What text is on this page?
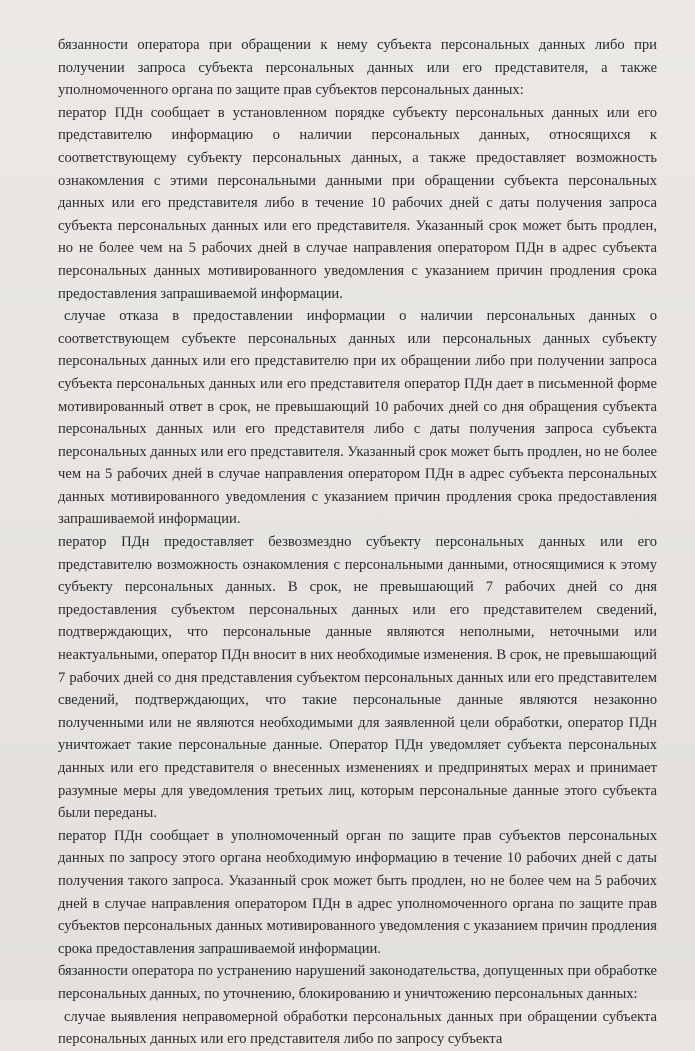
бязанности оператора при обращении к нему субъекта персональных данных либо при получении запроса субъекта персональных данных или его представителя, а также уполномоченного органа по защите прав субъектов персональных данных:

ператор ПДн сообщает в установленном порядке субъекту персональных данных или его представителю информацию о наличии персональных данных, относящихся к соответствующему субъекту персональных данных, а также предоставляет возможность ознакомления с этими персональными данными при обращении субъекта персональных данных или его представителя либо в течение 10 рабочих дней с даты получения запроса субъекта персональных данных или его представителя. Указанный срок может быть продлен, но не более чем на 5 рабочих дней в случае направления оператором ПДн в адрес субъекта персональных данных мотивированного уведомления с указанием причин продления срока предоставления запрашиваемой информации.

случае отказа в предоставлении информации о наличии персональных данных о соответствующем субъекте персональных данных или персональных данных субъекту персональных данных или его представителю при их обращении либо при получении запроса субъекта персональных данных или его представителя оператор ПДн дает в письменной форме мотивированный ответ в срок, не превышающий 10 рабочих дней со дня обращения субъекта персональных данных или его представителя либо с даты получения запроса субъекта персональных данных или его представителя. Указанный срок может быть продлен, но не более чем на 5 рабочих дней в случае направления оператором ПДн в адрес субъекта персональных данных мотивированного уведомления с указанием причин продления срока предоставления запрашиваемой информации.

ператор ПДн предоставляет безвозмездно субъекту персональных данных или его представителю возможность ознакомления с персональными данными, относящимися к этому субъекту персональных данных. В срок, не превышающий 7 рабочих дней со дня предоставления субъектом персональных данных или его представителем сведений, подтверждающих, что персональные данные являются неполными, неточными или неактуальными, оператор ПДн вносит в них необходимые изменения. В срок, не превышающий 7 рабочих дней со дня представления субъектом персональных данных или его представителем сведений, подтверждающих, что такие персональные данные являются незаконно полученными или не являются необходимыми для заявленной цели обработки, оператор ПДн уничтожает такие персональные данные. Оператор ПДн уведомляет субъекта персональных данных или его представителя о внесенных изменениях и предпринятых мерах и принимает разумные меры для уведомления третьих лиц, которым персональные данные этого субъекта были переданы.

ператор ПДн сообщает в уполномоченный орган по защите прав субъектов персональных данных по запросу этого органа необходимую информацию в течение 10 рабочих дней с даты получения такого запроса. Указанный срок может быть продлен, но не более чем на 5 рабочих дней в случае направления оператором ПДн в адрес уполномоченного органа по защите прав субъектов персональных данных мотивированного уведомления с указанием причин продления срока предоставления запрашиваемой информации.

бязанности оператора по устранению нарушений законодательства, допущенных при обработке персональных данных, по уточнению, блокированию и уничтожению персональных данных:

случае выявления неправомерной обработки персональных данных при обращении субъекта персональных данных или его представителя либо по запросу субъекта
